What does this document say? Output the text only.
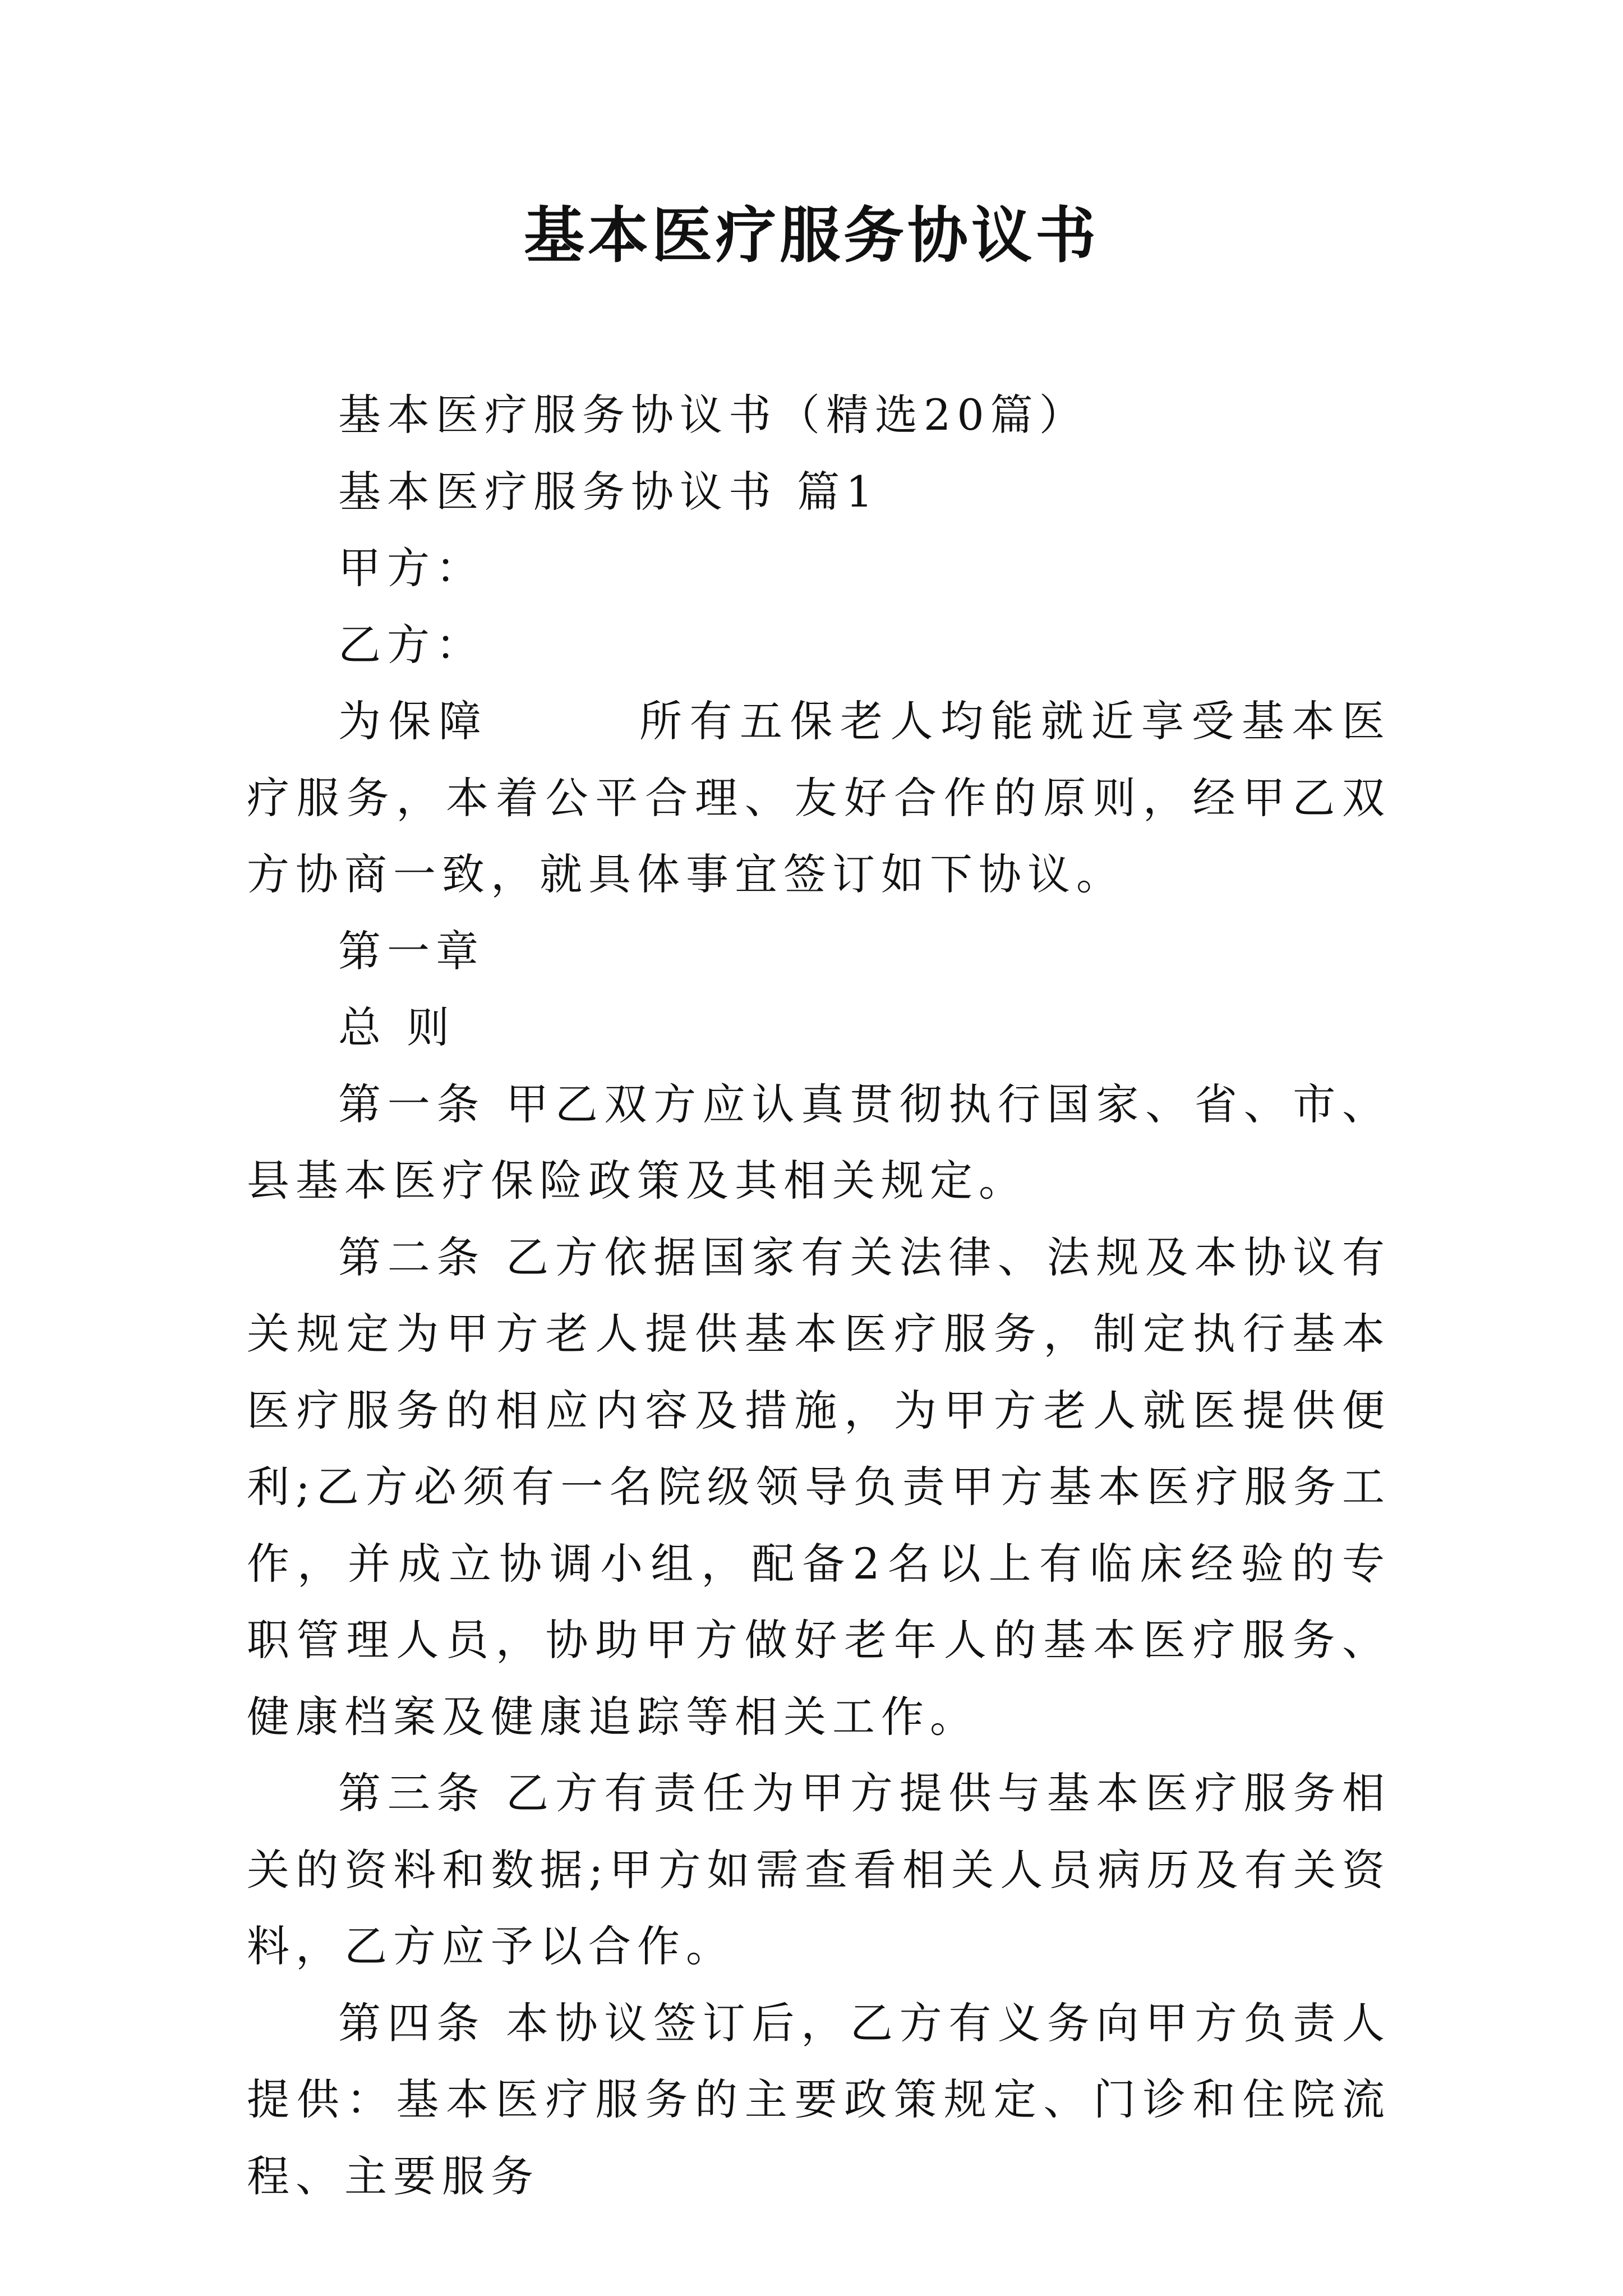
基本医疗服务协议书

基本医疗服务协议书（精选20篇）

基本医疗服务协议书 篇1

甲方：

乙方：

为保障　　　所有五保老人均能就近享受基本医疗服务，本着公平合理、友好合作的原则，经甲乙双方协商一致，就具体事宜签订如下协议。

第一章

总 则

第一条 甲乙双方应认真贯彻执行国家、省、市、县基本医疗保险政策及其相关规定。

第二条 乙方依据国家有关法律、法规及本协议有关规定为甲方老人提供基本医疗服务，制定执行基本医疗服务的相应内容及措施，为甲方老人就医提供便利;乙方必须有一名院级领导负责甲方基本医疗服务工作，并成立协调小组，配备2名以上有临床经验的专职管理人员，协助甲方做好老年人的基本医疗服务、健康档案及健康追踪等相关工作。

第三条 乙方有责任为甲方提供与基本医疗服务相关的资料和数据;甲方如需查看相关人员病历及有关资料，乙方应予以合作。

第四条 本协议签订后，乙方有义务向甲方负责人提供：基本医疗服务的主要政策规定、门诊和住院流程、主要服务
